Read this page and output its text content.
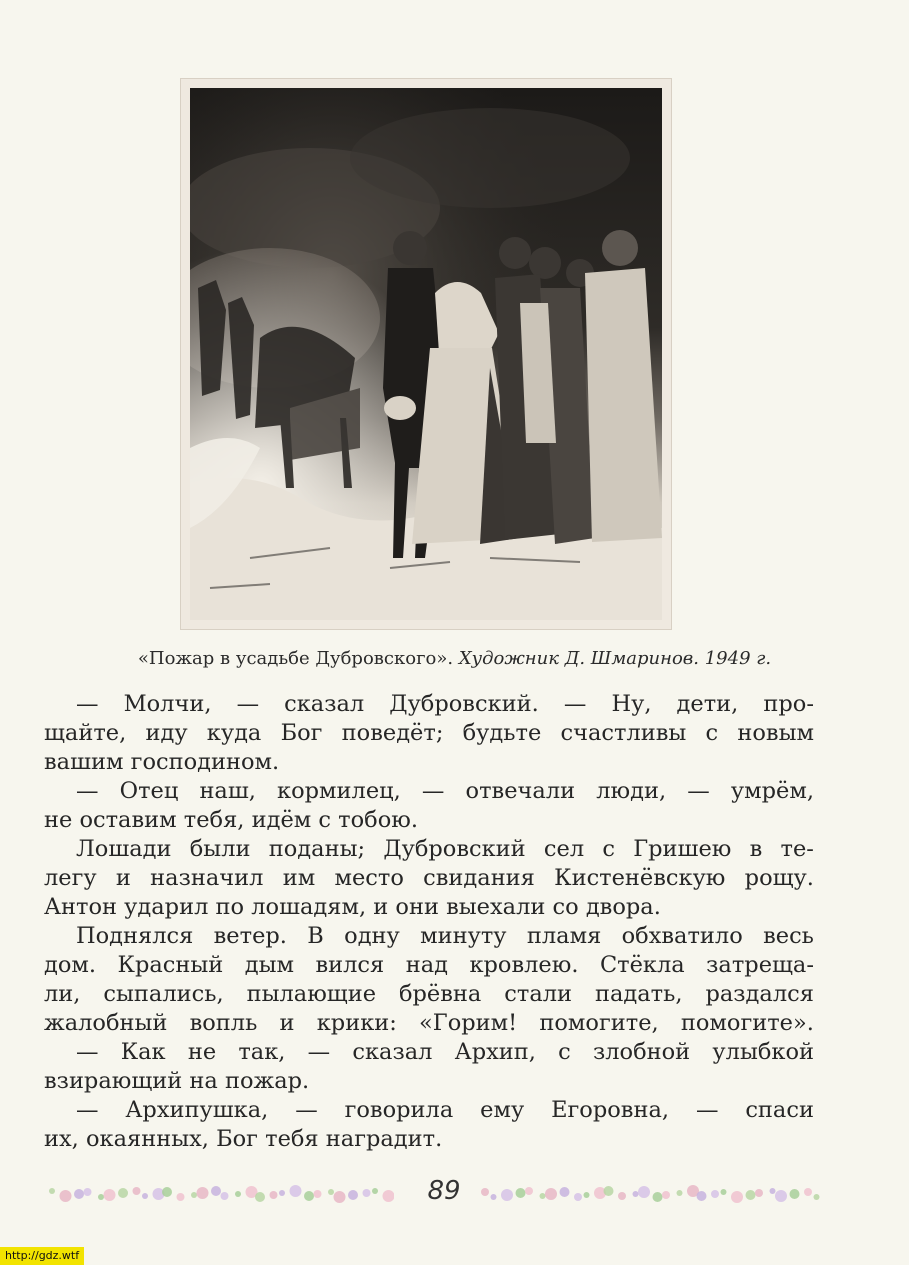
«Пожар в усадьбе Дубровского». Художник Д. Шмаринов. 1949 г.
— Молчи, — сказал Дубровский. — Ну, дети, про-
щайте, иду куда Бог поведёт; будьте счастливы с новым
вашим господином.
— Отец наш, кормилец, — отвечали люди, — умрём,
не оставим тебя, идём с тобою.
Лошади были поданы; Дубровский сел с Гришею в те-
легу и назначил им место свидания Кистенёвскую рощу.
Антон ударил по лошадям, и они выехали со двора.
Поднялся ветер. В одну минуту пламя обхватило весь
дом. Красный дым вился над кровлею. Стёкла затреща-
ли, сыпались, пылающие брёвна стали падать, раздался
жалобный вопль и крики: «Горим! помогите, помогите».
— Как не так, — сказал Архип, с злобной улыбкой
взирающий на пожар.
— Архипушка, — говорила ему Егоровна, — спаси
их, окаянных, Бог тебя наградит.
89
http://gdz.wtf
